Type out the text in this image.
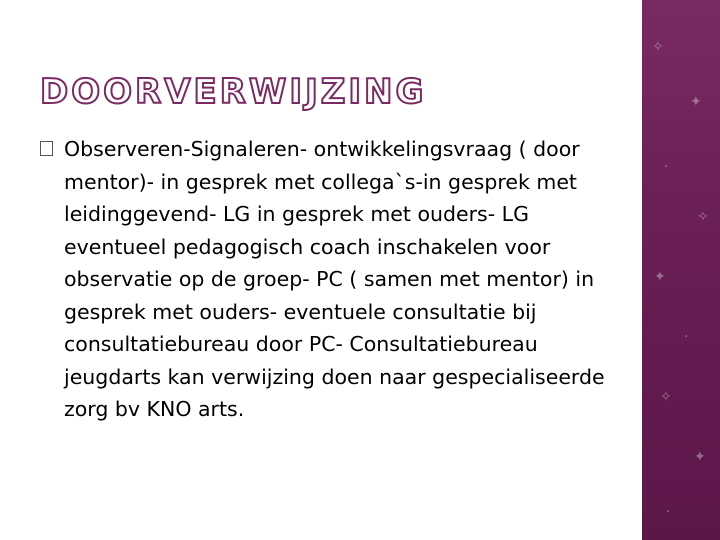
✧
✦
·
✧
✦
·
✧
✦
·
DOORVERWIJZING
Observeren-Signaleren- ontwikkelingsvraag ( door mentor)- in gesprek met collega`s-in gesprek met leidinggevend- LG in gesprek met ouders- LG eventueel pedagogisch coach inschakelen voor observatie op de groep- PC ( samen met mentor) in gesprek met ouders- eventuele consultatie bij consultatiebureau door PC- Consultatiebureau jeugdarts kan verwijzing doen naar gespecialiseerde zorg bv KNO arts.
